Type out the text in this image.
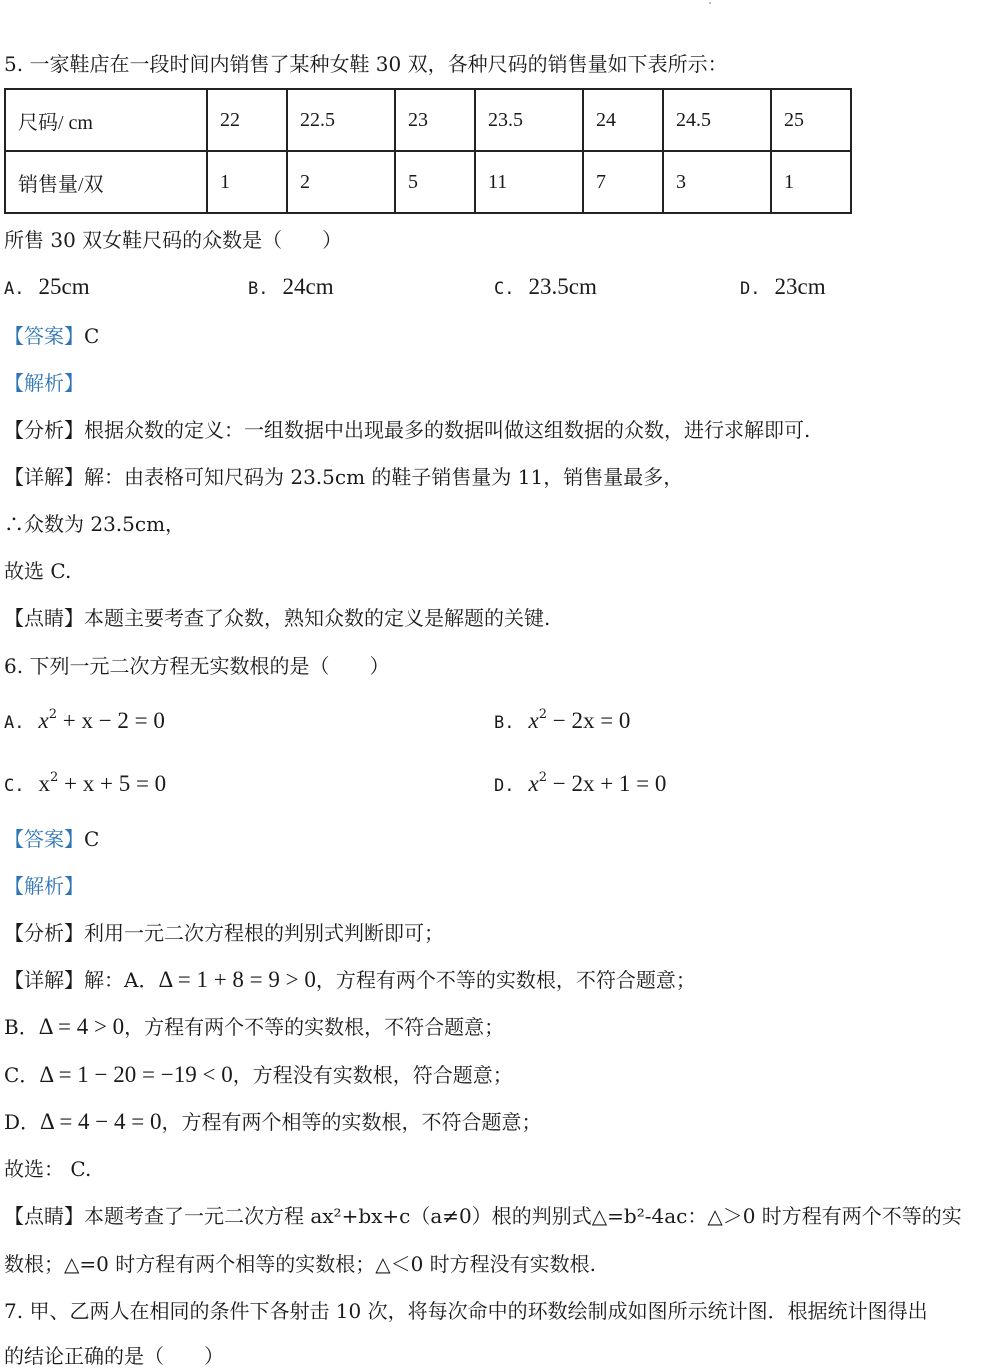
5. 一家鞋店在一段时间内销售了某种女鞋 30 双，各种尺码的销售量如下表所示：
尺码/ cm	22	22.5	23	23.5	24	24.5	25
销售量/双	1	2	5	11	7	3	1
所售 30 双女鞋尺码的众数是（　　）
A. 25cm	B. 24cm	C. 23.5cm	D. 23cm
【答案】C
【解析】
【分析】根据众数的定义：一组数据中出现最多的数据叫做这组数据的众数，进行求解即可.
【详解】解：由表格可知尺码为 23.5cm 的鞋子销售量为 11，销售量最多，
∴众数为 23.5cm，
故选 C.
【点睛】本题主要考查了众数，熟知众数的定义是解题的关键.
6. 下列一元二次方程无实数根的是（　　）
A. $x^2 + x - 2 = 0$	B. $x^2 - 2x = 0$
C. $x^2 + x + 5 = 0$	D. $x^2 - 2x + 1 = 0$
【答案】C
【解析】
【分析】利用一元二次方程根的判别式判断即可；
【详解】解：A．Δ = 1 + 8 = 9 > 0，方程有两个不等的实数根，不符合题意；
B．Δ = 4 > 0，方程有两个不等的实数根，不符合题意；
C．Δ = 1 − 20 = −19 < 0，方程没有实数根，符合题意；
D．Δ = 4 − 4 = 0，方程有两个相等的实数根，不符合题意；
故选： C.
【点睛】本题考查了一元二次方程 ax²+bx+c（a≠0）根的判别式△=b²-4ac：△＞0 时方程有两个不等的实
数根；△=0 时方程有两个相等的实数根；△＜0 时方程没有实数根.
7. 甲、乙两人在相同的条件下各射击 10 次，将每次命中的环数绘制成如图所示统计图．根据统计图得出
的结论正确的是（　　）
